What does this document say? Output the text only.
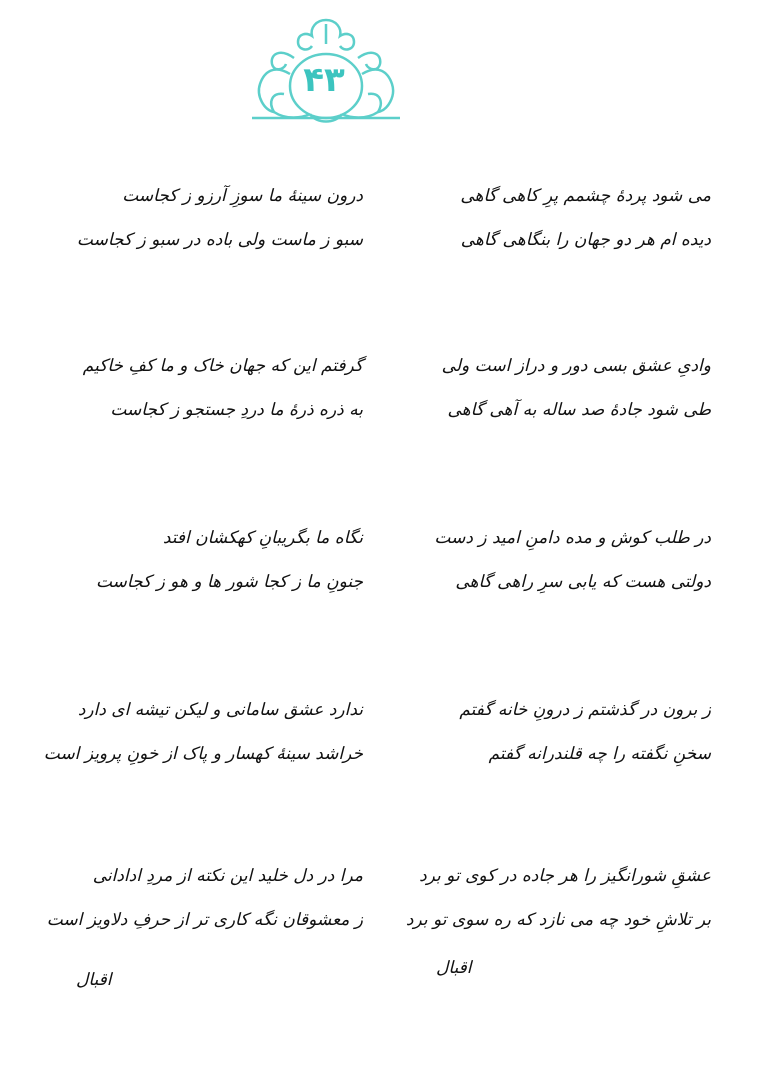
۴۳
می شود پردهٔ چشمم پرِ کاهی گاهی
دیده ام هر دو جهان را بنگاهی گاهی
درون سینهٔ ما سوزِ آرزو ز کجاست
سبو ز ماست ولی باده در سبو ز کجاست
وادیِ عشق بسی دور و دراز است ولی
طی شود جادهٔ صد ساله به آهی گاهی
گرفتم این که جهان خاک و ما کفِ خاکیم
به ذره ذرهٔ ما دردِ جستجو ز کجاست
در طلب کوش و مده دامنِ امید ز دست
دولتی هست که یابی سرِ راهی گاهی
نگاه ما بگریبانِ کهکشان افتد
جنونِ ما ز کجا شور ها و هو ز کجاست
ز برون در گذشتم ز درونِ خانه گفتم
سخنِ نگفته را چه قلندرانه گفتم
ندارد عشق سامانی و لیکن تیشه ای دارد
خراشد سینهٔ کهسار و پاک از خونِ پرویز است
عشقِ شورانگیز را هر جاده در کوی تو برد
بر تلاشِ خود چه می نازد که ره سوی تو برد
مرا در دل خلید این نکته از مردِ ادادانی
ز معشوقان نگه کاری تر از حرفِ دلاویز است
اقبال
اقبال
